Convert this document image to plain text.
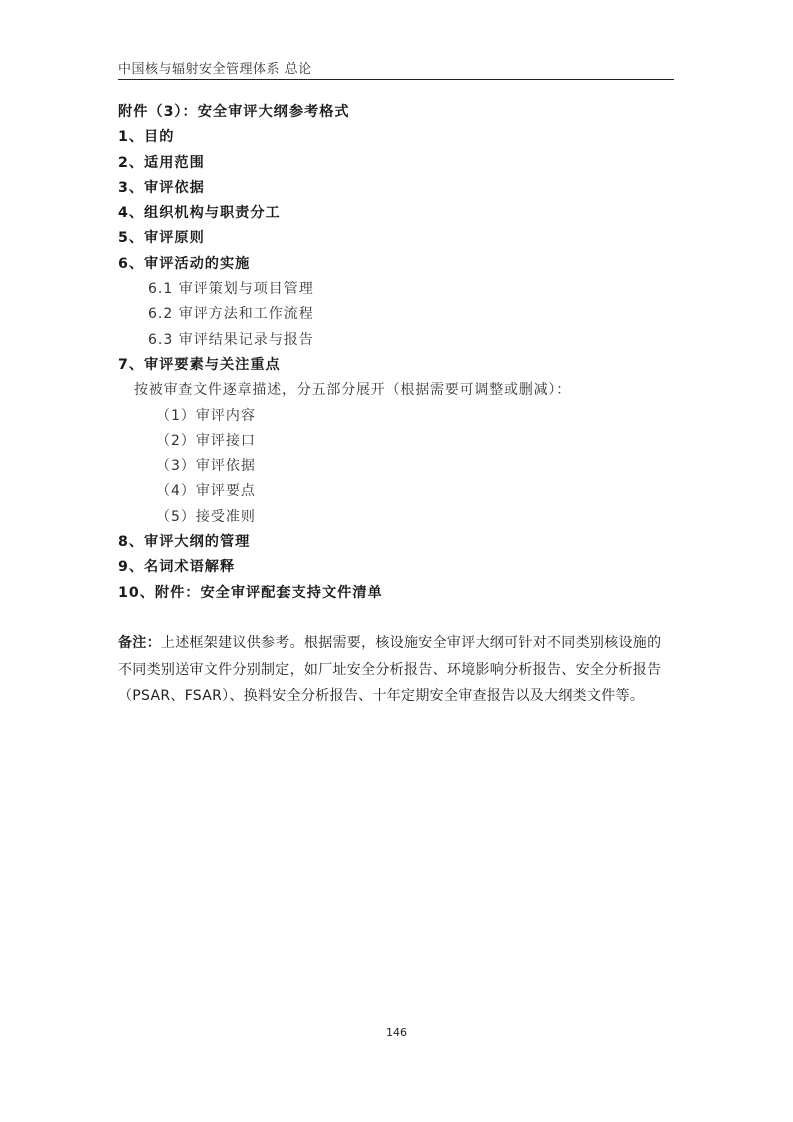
中国核与辐射安全管理体系 总论
附件（3）：安全审评大纲参考格式
1、目的
2、适用范围
3、审评依据
4、组织机构与职责分工
5、审评原则
6、审评活动的实施
6.1 审评策划与项目管理
6.2 审评方法和工作流程
6.3 审评结果记录与报告
7、审评要素与关注重点
按被审查文件逐章描述，分五部分展开（根据需要可调整或删减）：
（1）审评内容
（2）审评接口
（3）审评依据
（4）审评要点
（5）接受准则
8、审评大纲的管理
9、名词术语解释
10、附件：安全审评配套支持文件清单
备注：上述框架建议供参考。根据需要，核设施安全审评大纲可针对不同类别核设施的不同类别送审文件分别制定，如厂址安全分析报告、环境影响分析报告、安全分析报告（PSAR、FSAR）、换料安全分析报告、十年定期安全审查报告以及大纲类文件等。
146
